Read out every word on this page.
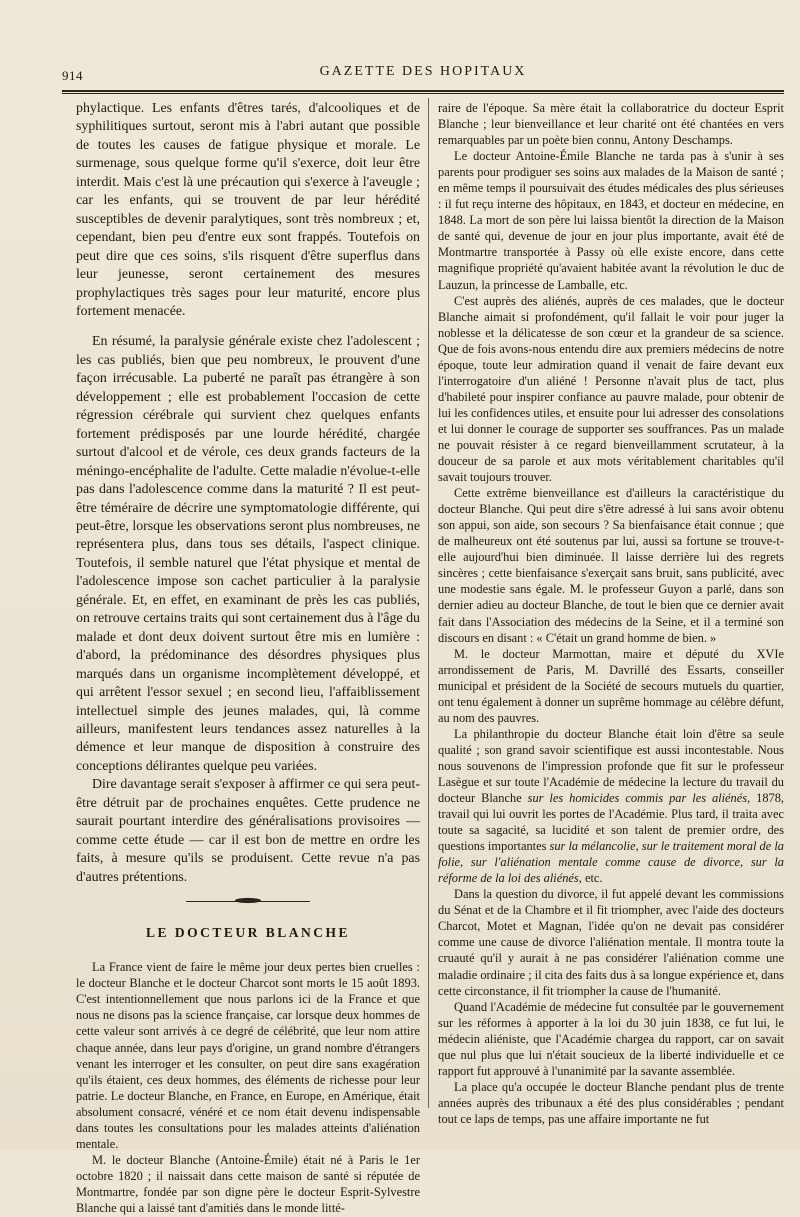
914	GAZETTE DES HOPITAUX

phylactique. Les enfants d'êtres tarés, d'alcooliques et de syphilitiques surtout, seront mis à l'abri autant que possible de toutes les causes de fatigue physique et morale. Le surmenage, sous quelque forme qu'il s'exerce, doit leur être interdit. Mais c'est là une précaution qui s'exerce à l'aveugle ; car les enfants, qui se trouvent de par leur hérédité susceptibles de devenir paralytiques, sont très nombreux ; et, cependant, bien peu d'entre eux sont frappés. Toutefois on peut dire que ces soins, s'ils risquent d'être superflus dans leur jeunesse, seront certainement des mesures prophylactiques très sages pour leur maturité, encore plus fortement menacée.

En résumé, la paralysie générale existe chez l'adolescent ; les cas publiés, bien que peu nombreux, le prouvent d'une façon irrécusable. La puberté ne paraît pas étrangère à son développement ; elle est probablement l'occasion de cette régression cérébrale qui survient chez quelques enfants fortement prédisposés par une lourde hérédité, chargée surtout d'alcool et de vérole, ces deux grands facteurs de la méningo-encéphalite de l'adulte. Cette maladie n'évolue-t-elle pas dans l'adolescence comme dans la maturité ? Il est peut-être téméraire de décrire une symptomatologie différente, qui peut-être, lorsque les observations seront plus nombreuses, ne représentera plus, dans tous ses détails, l'aspect clinique. Toutefois, il semble naturel que l'état physique et mental de l'adolescence impose son cachet particulier à la paralysie générale. Et, en effet, en examinant de près les cas publiés, on retrouve certains traits qui sont certainement dus à l'âge du malade et dont deux doivent surtout être mis en lumière : d'abord, la prédominance des désordres physiques plus marqués dans un organisme incomplètement développé, et qui arrêtent l'essor sexuel ; en second lieu, l'affaiblissement intellectuel simple des jeunes malades, qui, là comme ailleurs, manifestent leurs tendances assez naturelles à la démence et leur manque de disposition à construire des conceptions délirantes quelque peu variées.

Dire davantage serait s'exposer à affirmer ce qui sera peut-être détruit par de prochaines enquêtes. Cette prudence ne saurait pourtant interdire des généralisations provisoires — comme cette étude — car il est bon de mettre en ordre les faits, à mesure qu'ils se produisent. Cette revue n'a pas d'autres prétentions.

LE DOCTEUR BLANCHE

La France vient de faire le même jour deux pertes bien cruelles : le docteur Blanche et le docteur Charcot sont morts le 15 août 1893. C'est intentionnellement que nous parlons ici de la France et que nous ne disons pas la science française, car lorsque deux hommes de cette valeur sont arrivés à ce degré de célébrité, que leur nom attire chaque année, dans leur pays d'origine, un grand nombre d'étrangers venant les interroger et les consulter, on peut dire sans exagération qu'ils étaient, ces deux hommes, des éléments de richesse pour leur patrie. Le docteur Blanche, en France, en Europe, en Amérique, était absolument consacré, vénéré et ce nom était devenu indispensable dans toutes les consultations pour les malades atteints d'aliénation mentale.

M. le docteur Blanche (Antoine-Émile) était né à Paris le 1er octobre 1820 ; il naissait dans cette maison de santé si réputée de Montmartre, fondée par son digne père le docteur Esprit-Sylvestre Blanche qui a laissé tant d'amitiés dans le monde litté-

raire de l'époque. Sa mère était la collaboratrice du docteur Esprit Blanche ; leur bienveillance et leur charité ont été chantées en vers remarquables par un poète bien connu, Antony Deschamps.

Le docteur Antoine-Émile Blanche ne tarda pas à s'unir à ses parents pour prodiguer ses soins aux malades de la Maison de santé ; en même temps il poursuivait des études médicales des plus sérieuses : il fut reçu interne des hôpitaux, en 1843, et docteur en médecine, en 1848. La mort de son père lui laissa bientôt la direction de la Maison de santé qui, devenue de jour en jour plus importante, avait été de Montmartre transportée à Passy où elle existe encore, dans cette magnifique propriété qu'avaient habitée avant la révolution le duc de Lauzun, la princesse de Lamballe, etc.

C'est auprès des aliénés, auprès de ces malades, que le docteur Blanche aimait si profondément, qu'il fallait le voir pour juger la noblesse et la délicatesse de son cœur et la grandeur de sa science. Que de fois avons-nous entendu dire aux premiers médecins de notre époque, toute leur admiration quand il venait de faire devant eux l'interrogatoire d'un aliéné ! Personne n'avait plus de tact, plus d'habileté pour inspirer confiance au pauvre malade, pour obtenir de lui les confidences utiles, et ensuite pour lui adresser des consolations et lui donner le courage de supporter ses souffrances. Pas un malade ne pouvait résister à ce regard bienveillamment scrutateur, à la douceur de sa parole et aux mots véritablement charitables qu'il savait toujours trouver.

Cette extrême bienveillance est d'ailleurs la caractéristique du docteur Blanche. Qui peut dire s'être adressé à lui sans avoir obtenu son appui, son aide, son secours ? Sa bienfaisance était connue ; que de malheureux ont été soutenus par lui, aussi sa fortune se trouve-t-elle aujourd'hui bien diminuée. Il laisse derrière lui des regrets sincères ; cette bienfaisance s'exerçait sans bruit, sans publicité, avec une modestie sans égale. M. le professeur Guyon a parlé, dans son dernier adieu au docteur Blanche, de tout le bien que ce dernier avait fait dans l'Association des médecins de la Seine, et il a terminé son discours en disant : « C'était un grand homme de bien. »

M. le docteur Marmottan, maire et député du XVIe arrondissement de Paris, M. Davrillé des Essarts, conseiller municipal et président de la Société de secours mutuels du quartier, ont tenu également à donner un suprême hommage au célèbre défunt, au nom des pauvres.

La philanthropie du docteur Blanche était loin d'être sa seule qualité ; son grand savoir scientifique est aussi incontestable. Nous nous souvenons de l'impression profonde que fit sur le professeur Lasègue et sur toute l'Académie de médecine la lecture du travail du docteur Blanche sur les homicides commis par les aliénés, 1878, travail qui lui ouvrit les portes de l'Académie. Plus tard, il traita avec toute sa sagacité, sa lucidité et son talent de premier ordre, des questions importantes sur la mélancolie, sur le traitement moral de la folie, sur l'aliénation mentale comme cause de divorce, sur la réforme de la loi des aliénés, etc.

Dans la question du divorce, il fut appelé devant les commissions du Sénat et de la Chambre et il fit triompher, avec l'aide des docteurs Charcot, Motet et Magnan, l'idée qu'on ne devait pas considérer comme une cause de divorce l'aliénation mentale. Il montra toute la cruauté qu'il y aurait à ne pas considérer l'aliénation comme une maladie ordinaire ; il cita des faits dus à sa longue expérience et, dans cette circonstance, il fit triompher la cause de l'humanité.

Quand l'Académie de médecine fut consultée par le gouvernement sur les réformes à apporter à la loi du 30 juin 1838, ce fut lui, le médecin aliéniste, que l'Académie chargea du rapport, car on savait que nul plus que lui n'était soucieux de la liberté individuelle et ce rapport fut approuvé à l'unanimité par la savante assemblée.

La place qu'a occupée le docteur Blanche pendant plus de trente années auprès des tribunaux a été des plus considérables ; pendant tout ce laps de temps, pas une affaire importante ne fut
